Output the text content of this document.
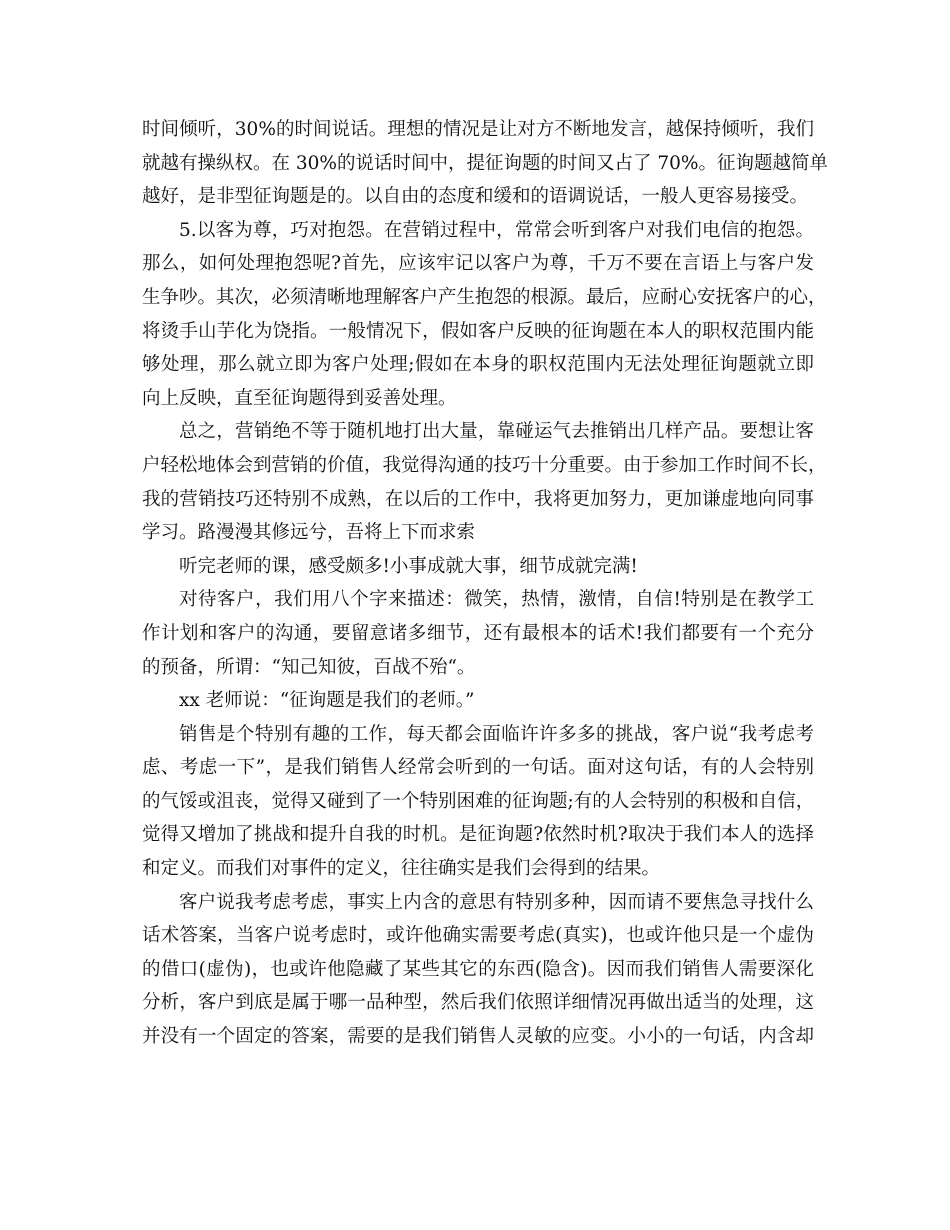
时间倾听，30%的时间说话。理想的情况是让对方不断地发言，越保持倾听，我们
就越有操纵权。在 30%的说话时间中，提征询题的时间又占了 70%。征询题越简单
越好，是非型征询题是的。以自由的态度和缓和的语调说话，一般人更容易接受。
5.以客为尊，巧对抱怨。在营销过程中，常常会听到客户对我们电信的抱怨。
那么，如何处理抱怨呢?首先，应该牢记以客户为尊，千万不要在言语上与客户发
生争吵。其次，必须清晰地理解客户产生抱怨的根源。最后，应耐心安抚客户的心，
将烫手山芋化为饶指。一般情况下，假如客户反映的征询题在本人的职权范围内能
够处理，那么就立即为客户处理;假如在本身的职权范围内无法处理征询题就立即
向上反映，直至征询题得到妥善处理。
总之，营销绝不等于随机地打出大量，靠碰运气去推销出几样产品。要想让客
户轻松地体会到营销的价值，我觉得沟通的技巧十分重要。由于参加工作时间不长，
我的营销技巧还特别不成熟，在以后的工作中，我将更加努力，更加谦虚地向同事
学习。路漫漫其修远兮，吾将上下而求索
听完老师的课，感受颇多!小事成就大事，细节成就完满!
对待客户，我们用八个字来描述：微笑，热情，激情，自信!特别是在教学工
作计划和客户的沟通，要留意诸多细节，还有最根本的话术!我们都要有一个充分
的预备，所谓：“知己知彼，百战不殆“。
xx 老师说：“征询题是我们的老师。”
销售是个特别有趣的工作，每天都会面临许许多多的挑战，客户说“我考虑考
虑、考虑一下”，是我们销售人经常会听到的一句话。面对这句话，有的人会特别
的气馁或沮丧，觉得又碰到了一个特别困难的征询题;有的人会特别的积极和自信，
觉得又增加了挑战和提升自我的时机。是征询题?依然时机?取决于我们本人的选择
和定义。而我们对事件的定义，往往确实是我们会得到的结果。
客户说我考虑考虑，事实上内含的意思有特别多种，因而请不要焦急寻找什么
话术答案，当客户说考虑时，或许他确实需要考虑(真实)，也或许他只是一个虚伪
的借口(虚伪)，也或许他隐藏了某些其它的东西(隐含)。因而我们销售人需要深化
分析，客户到底是属于哪一品种型，然后我们依照详细情况再做出适当的处理，这
并没有一个固定的答案，需要的是我们销售人灵敏的应变。小小的一句话，内含却
